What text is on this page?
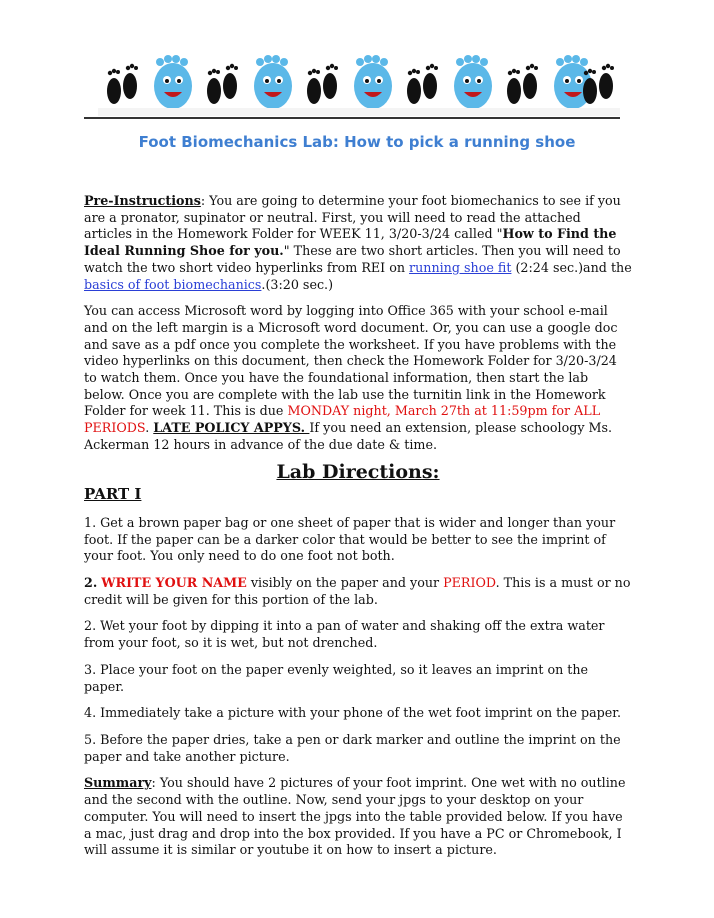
Foot Biomechanics Lab: How to pick a running shoe

Pre-Instructions: You are going to determine your foot biomechanics to see if you are a pronator, supinator or neutral. First, you will need to read the attached articles in the Homework Folder for WEEK 11, 3/20-3/24 called "How to Find the Ideal Running Shoe for you." These are two short articles. Then you will need to watch the two short video hyperlinks from REI on running shoe fit (2:24 sec.)and the basics of foot biomechanics.(3:20 sec.)

You can access Microsoft word by logging into Office 365 with your school e-mail and on the left margin is a Microsoft word document. Or, you can use a google doc and save as a pdf once you complete the worksheet. If you have problems with the video hyperlinks on this document, then check the Homework Folder for 3/20-3/24 to watch them. Once you have the foundational information, then start the lab below. Once you are complete with the lab use the turnitin link in the Homework Folder for week 11. This is due MONDAY night, March 27th at 11:59pm for ALL PERIODS. LATE POLICY APPYS. If you need an extension, please schoology Ms. Ackerman 12 hours in advance of the due date & time.

Lab Directions:
PART I

1. Get a brown paper bag or one sheet of paper that is wider and longer than your foot. If the paper can be a darker color that would be better to see the imprint of your foot. You only need to do one foot not both.

2. WRITE YOUR NAME visibly on the paper and your PERIOD. This is a must or no credit will be given for this portion of the lab.

2. Wet your foot by dipping it into a pan of water and shaking off the extra water from your foot, so it is wet, but not drenched.

3. Place your foot on the paper evenly weighted, so it leaves an imprint on the paper.

4. Immediately take a picture with your phone of the wet foot imprint on the paper.

5. Before the paper dries, take a pen or dark marker and outline the imprint on the paper and take another picture.

Summary: You should have 2 pictures of your foot imprint. One wet with no outline and the second with the outline. Now, send your jpgs to your desktop on your computer. You will need to insert the jpgs into the table provided below. If you have a mac, just drag and drop into the box provided. If you have a PC or Chromebook, I will assume it is similar or youtube it on how to insert a picture.
